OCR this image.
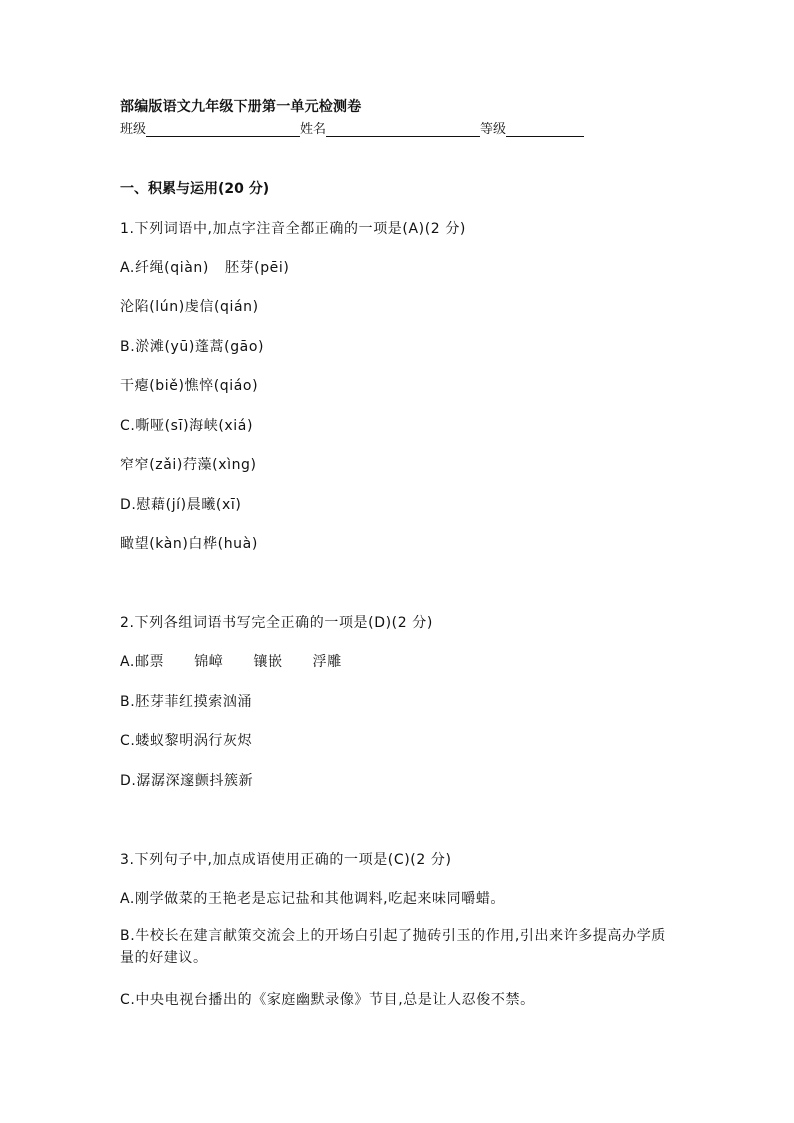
部编版语文九年级下册第一单元检测卷
班级	姓名	等级
一、积累与运用(20 分)
1.下列词语中,加点字注音全都正确的一项是(A)(2 分)
A.纤绳(qiàn) 胚芽(pēi)
沦陷(lún)虔信(qián)
B.淤滩(yū)蓬蒿(gāo)
干瘪(biě)憔悴(qiáo)
C.嘶哑(sī)海峡(xiá)
窄窄(zǎi)荇藻(xìng)
D.慰藉(jí)晨曦(xī)
瞰望(kàn)白桦(huà)
2.下列各组词语书写完全正确的一项是(D)(2 分)
A.邮票 锦嶂 镶嵌 浮雕
B.胚芽菲红摸索汹涌
C.蝼蚁黎明涡行灰烬
D.潺潺深邃颤抖簇新
3.下列句子中,加点成语使用正确的一项是(C)(2 分)
A.刚学做菜的王艳老是忘记盐和其他调料,吃起来味同嚼蜡。
B.牛校长在建言献策交流会上的开场白引起了抛砖引玉的作用,引出来许多提高办学质量的好建议。
C.中央电视台播出的《家庭幽默录像》节目,总是让人忍俊不禁。
